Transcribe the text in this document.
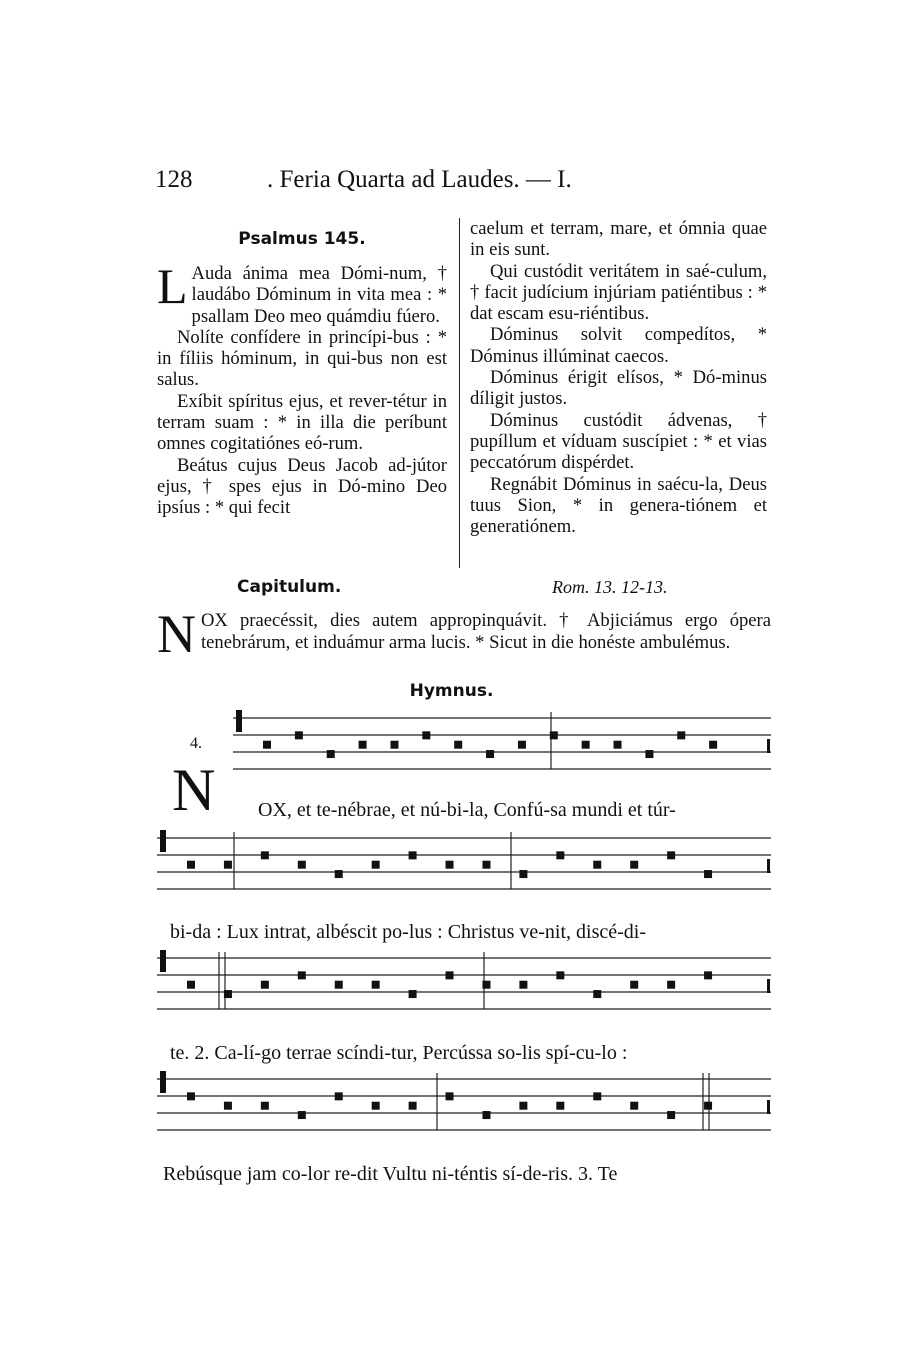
128	. Feria Quarta ad Laudes. — I.
Psalmus 145.

L Auda ánima mea Dómi-num, † laudábo Dóminum in vita mea : * psallam Deo meo quámdiu fúero.

Nolíte confídere in princípi-bus : * in fíliis hóminum, in qui-bus non est salus.

Exíbit spíritus ejus, et rever-tétur in terram suam : * in illa die períbunt omnes cogitatiónes eó-rum.

Beátus cujus Deus Jacob ad-jútor ejus, † spes ejus in Dó-mino Deo ipsíus : * qui fecit

caelum et terram, mare, et ómnia quae in eis sunt.

Qui custódit veritátem in saé-culum, † facit judícium injúriam patiéntibus : * dat escam esu-riéntibus.

Dóminus solvit compedítos, * Dóminus illúminat caecos.

Dóminus érigit elísos, * Dó-minus díligit justos.

Dóminus custódit ádvenas, † pupíllum et víduam suscípiet : * et vias peccatórum dispérdet.

Regnábit Dóminus in saécu-la, Deus tuus Sion, * in genera-tiónem et generatiónem.

Capitulum.	Rom. 13. 12-13.
NOX praecéssit, dies autem appropinquávit. † Abjiciámus ergo ópera tenebrárum, et induámur arma lucis. * Sicut in die honéste ambulémus.
Hymnus.
4.
N OX, et te-nébrae, et nú-bi-la, Confú-sa mundi et túr-
bi-da : Lux intrat, albéscit po-lus : Christus ve-nit, discé-di-
te. 2. Ca-lí-go terrae scíndi-tur, Percússa so-lis spí-cu-lo :
Rebúsque jam co-lor re-dit Vultu ni-téntis sí-de-ris. 3. Te
